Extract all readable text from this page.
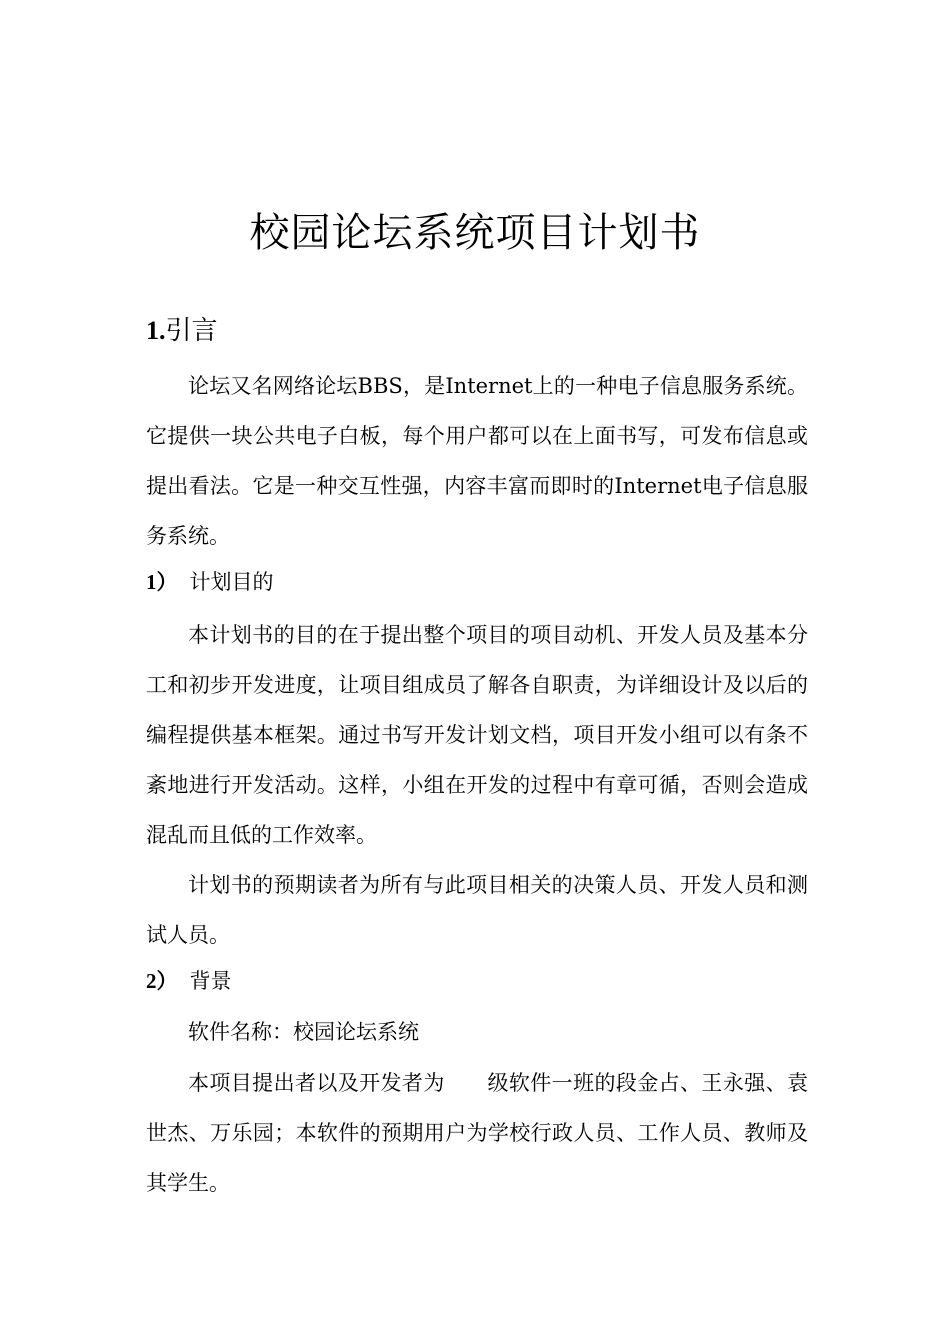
校园论坛系统项目计划书
1.引言
论坛又名网络论坛BBS，是Internet上的一种电子信息服务系统。它提供一块公共电子白板，每个用户都可以在上面书写，可发布信息或提出看法。它是一种交互性强，内容丰富而即时的Internet电子信息服务系统。
1） 计划目的
本计划书的目的在于提出整个项目的项目动机、开发人员及基本分工和初步开发进度，让项目组成员了解各自职责，为详细设计及以后的编程提供基本框架。通过书写开发计划文档，项目开发小组可以有条不紊地进行开发活动。这样，小组在开发的过程中有章可循，否则会造成混乱而且低的工作效率。
计划书的预期读者为所有与此项目相关的决策人员、开发人员和测试人员。
2） 背景
软件名称：校园论坛系统
本项目提出者以及开发者为　　级软件一班的段金占、王永强、袁世杰、万乐园；本软件的预期用户为学校行政人员、工作人员、教师及其学生。
